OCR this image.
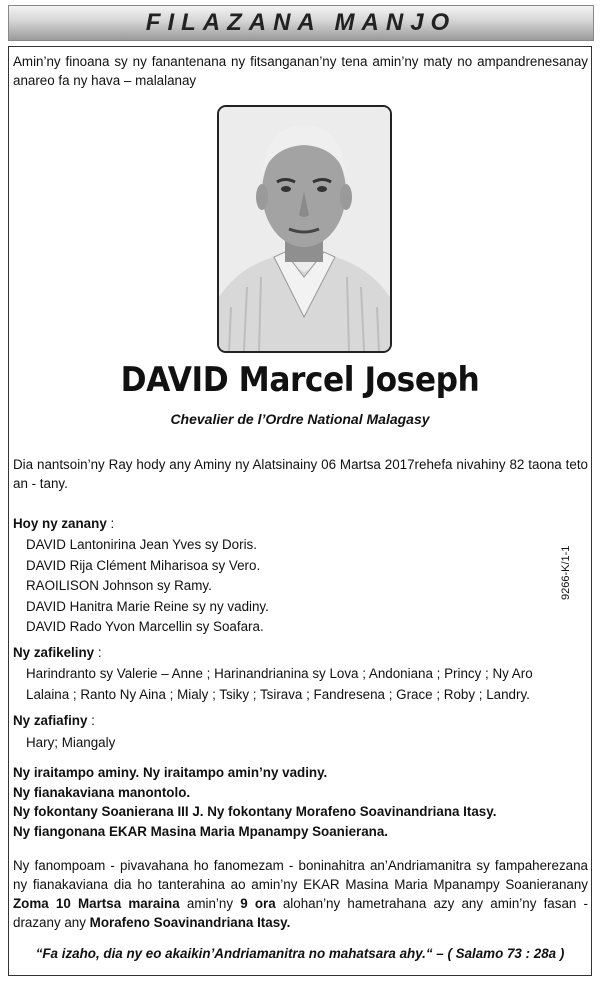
FILAZANA MANJO
Amin’ny finoana sy ny fanantenana ny fitsanganan’ny tena amin’ny maty no ampandrenesanay anareo fa ny hava – malalanay
DAVID Marcel Joseph
Chevalier de l’Ordre National Malagasy
Dia nantsoin’ny Ray hody any Aminy ny Alatsinainy 06 Martsa 2017rehefa nivahiny 82 taona teto an - tany.
Hoy ny zanany :
DAVID Lantonirina Jean Yves sy Doris.
DAVID Rija Clément Miharisoa sy Vero.
RAOILISON Johnson sy Ramy.
DAVID Hanitra Marie Reine sy ny vadiny.
DAVID Rado Yvon Marcellin sy Soafara.
Ny zafikeliny :
Harindranto sy Valerie – Anne ; Harinandrianina sy Lova ; Andoniana ; Princy ; Ny Aro
Lalaina ; Ranto Ny Aina ; Mialy ; Tsiky ; Tsirava ; Fandresena ; Grace ; Roby ; Landry.
Ny zafiafiny :
Hary; Miangaly
Ny iraitampo aminy. Ny iraitampo amin’ny vadiny.
Ny fianakaviana manontolo.
Ny fokontany Soanierana III J. Ny fokontany Morafeno Soavinandriana Itasy.
Ny fiangonana EKAR Masina Maria Mpanampy Soanierana.
Ny fanompoam - pivavahana ho fanomezam - boninahitra an’Andriamanitra sy fampaherezana ny fianakaviana dia ho tanterahina ao amin’ny EKAR Masina Maria Mpanampy Soanieranany Zoma 10 Martsa maraina amin’ny 9 ora alohan’ny hametrahana azy any amin’ny fasan - drazany any Morafeno Soavinandriana Itasy.
“Fa izaho, dia ny eo akaikin’Andriamanitra no mahatsara ahy.“ – ( Salamo 73 : 28a )
9266-K/1-1
